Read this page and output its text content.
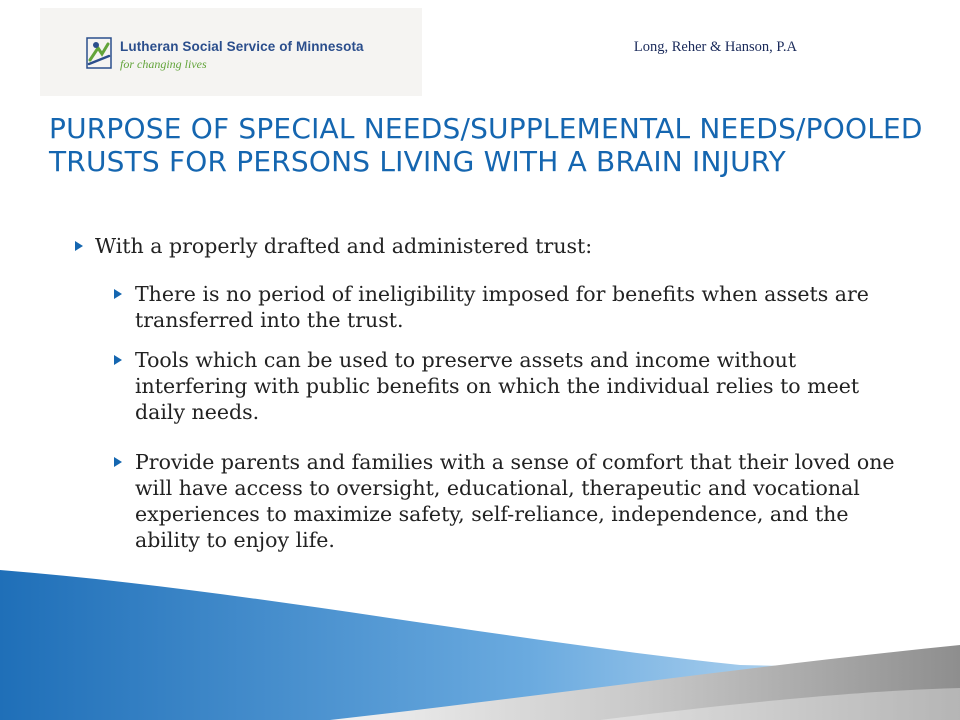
Lutheran Social Service of Minnesota
for changing lives
Long, Reher & Hanson, P.A
PURPOSE OF SPECIAL NEEDS/SUPPLEMENTAL NEEDS/POOLED TRUSTS FOR PERSONS LIVING WITH A BRAIN INJURY

With a properly drafted and administered trust:

There is no period of ineligibility imposed for benefits when assets are transferred into the trust.

Tools which can be used to preserve assets and income without interfering with public benefits on which the individual relies to meet daily needs.

Provide parents and families with a sense of comfort that their loved one will have access to oversight, educational, therapeutic and vocational experiences to maximize safety, self-reliance, independence, and the ability to enjoy life.
